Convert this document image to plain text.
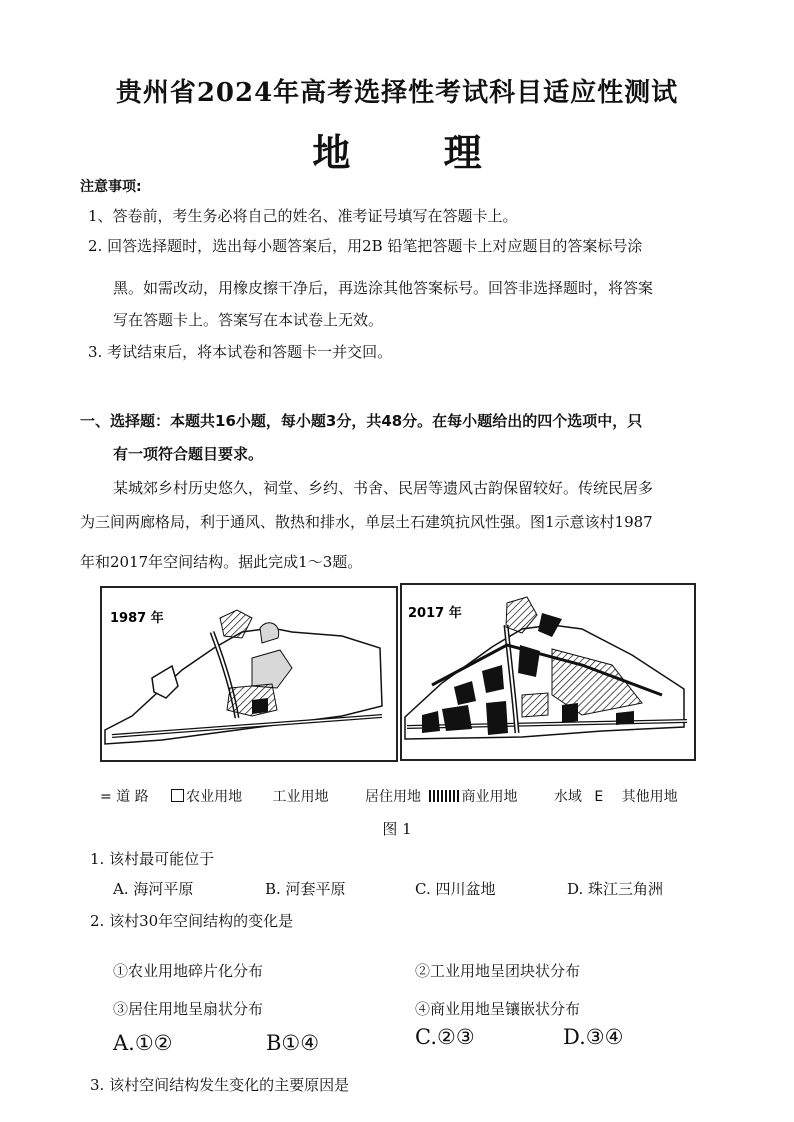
贵州省2024年高考选择性考试科目适应性测试
地 理
注意事项:
1、答卷前，考生务必将自己的姓名、准考证号填写在答题卡上。
2. 回答选择题时，选出每小题答案后，用2B 铅笔把答题卡上对应题目的答案标号涂
黑。如需改动，用橡皮擦干净后，再选涂其他答案标号。回答非选择题时，将答案
写在答题卡上。答案写在本试卷上无效。
3. 考试结束后，将本试卷和答题卡一并交回。
一、选择题：本题共16小题，每小题3分，共48分。在每小题给出的四个选项中，只
有一项符合题目要求。
某城郊乡村历史悠久，祠堂、乡约、书舍、民居等遗风古韵保留较好。传统民居多
为三间两廊格局，利于通风、散热和排水，单层土石建筑抗风性强。图1示意该村1987
年和2017年空间结构。据此完成1～3题。
1987 年	2017 年
= 道 路	农业用地 工业用地	居住用地	商业用地	水域 E 其他用地
图 1
1. 该村最可能位于
A. 海河平原	B. 河套平原	C. 四川盆地	D. 珠江三角洲
2. 该村30年空间结构的变化是
①农业用地碎片化分布	②工业用地呈团块状分布
③居住用地呈扇状分布	④商业用地呈镶嵌状分布
A.①②	B①④	C.②③	D.③④
3. 该村空间结构发生变化的主要原因是
